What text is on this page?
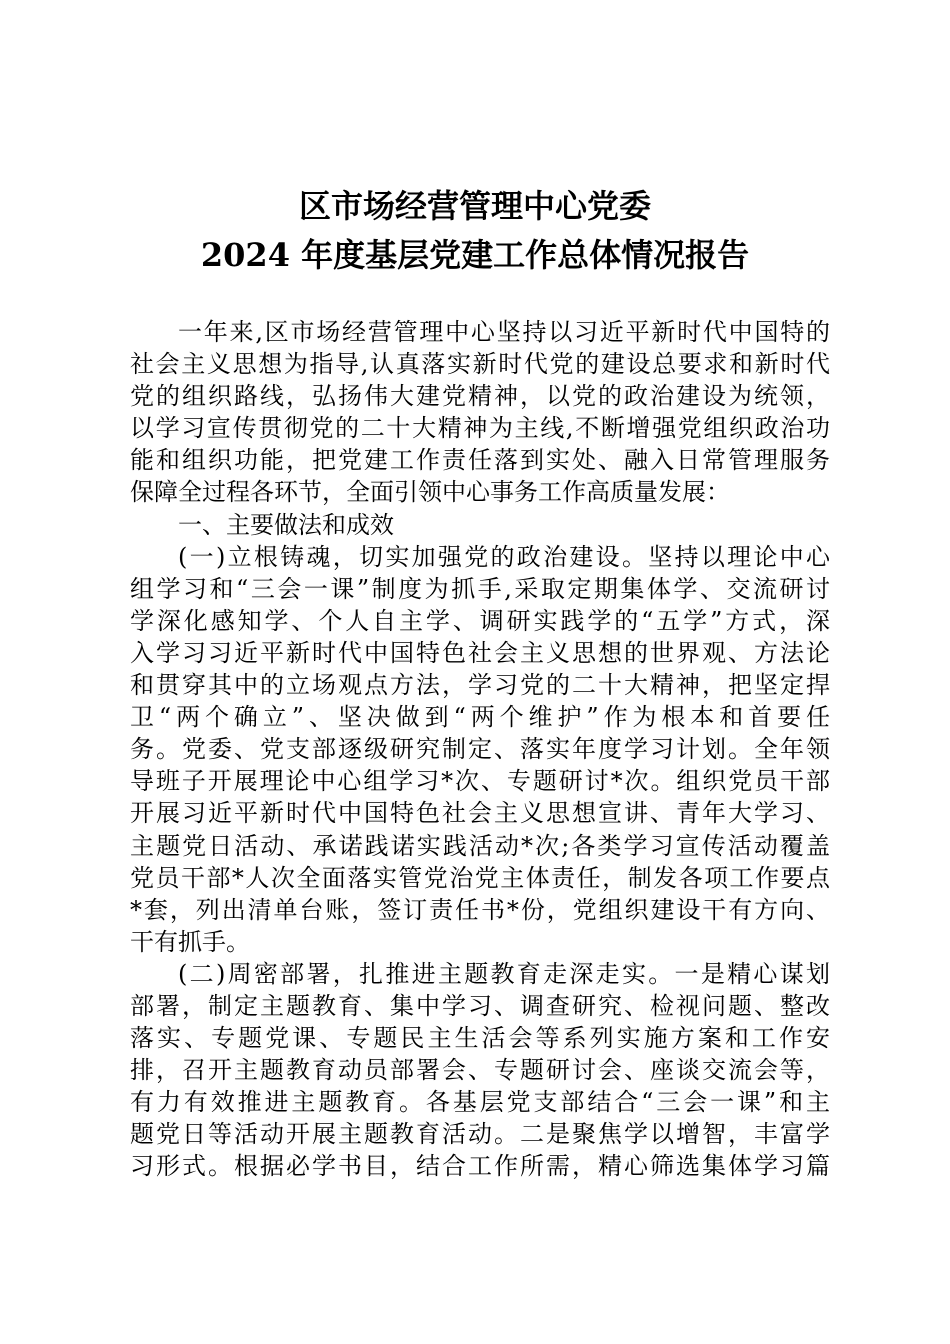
区市场经营管理中心党委
2024 年度基层党建工作总体情况报告
一年来,区市场经营管理中心坚持以习近平新时代中国特的
社会主义思想为指导,认真落实新时代党的建设总要求和新时代
党的组织路线，弘扬伟大建党精神，以党的政治建设为统领，
以学习宣传贯彻党的二十大精神为主线,不断增强党组织政治功
能和组织功能，把党建工作责任落到实处、融入日常管理服务
保障全过程各环节，全面引领中心事务工作高质量发展：
一、主要做法和成效
(一)立根铸魂，切实加强党的政治建设。坚持以理论中心
组学习和“三会一课”制度为抓手,采取定期集体学、交流研讨
学深化感知学、个人自主学、调研实践学的“五学”方式，深
入学习习近平新时代中国特色社会主义思想的世界观、方法论
和贯穿其中的立场观点方法，学习党的二十大精神，把坚定捍
卫“两个确立”、坚决做到“两个维护”作为根本和首要任
务。党委、党支部逐级研究制定、落实年度学习计划。全年领
导班子开展理论中心组学习*次、专题研讨*次。组织党员干部
开展习近平新时代中国特色社会主义思想宣讲、青年大学习、
主题党日活动、承诺践诺实践活动*次;各类学习宣传活动覆盖
党员干部*人次全面落实管党治党主体责任，制发各项工作要点
*套，列出清单台账，签订责任书*份，党组织建设干有方向、
干有抓手。
(二)周密部署，扎推进主题教育走深走实。一是精心谋划
部署，制定主题教育、集中学习、调查研究、检视问题、整改
落实、专题党课、专题民主生活会等系列实施方案和工作安
排，召开主题教育动员部署会、专题研讨会、座谈交流会等，
有力有效推进主题教育。各基层党支部结合“三会一课”和主
题党日等活动开展主题教育活动。二是聚焦学以增智，丰富学
习形式。根据必学书目，结合工作所需，精心筛选集体学习篇
